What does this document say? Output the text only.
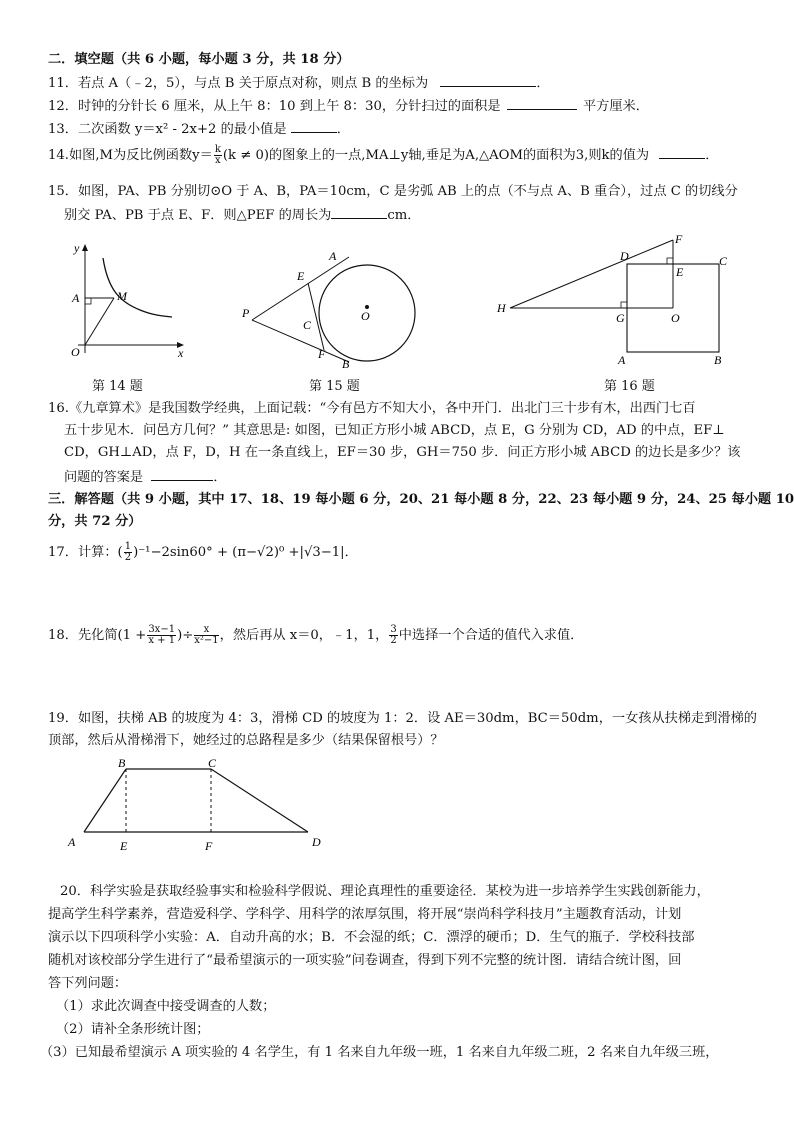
二．填空题（共 6 小题，每小题 3 分，共 18 分）
11．若点 A（﹣2，5），与点 B 关于原点对称，则点 B 的坐标为	．
12．时钟的分针长 6 厘米，从上午 8：10 到上午 8：30，分针扫过的面积是	平方厘米．
13．二次函数 y＝x² - 2x+2 的最小值是	．
14.如图,M为反比例函数$y= \frac{k}{x} (k \ne 0)$的图象上的一点,MA⊥y轴,垂足为A,△AOM的面积为3,则k的值为	．
15．如图，PA、PB 分别切⊙O 于 A、B，PA＝10cm，C 是劣弧 AB 上的点（不与点 A、B 重合），过点 C 的切线分
别交 PA、PB 于点 E、F．则△PEF 的周长为	cm．
y
x
A	M
O
第 14 题
A
E
P
C
O
F
B
第 15 题
F
D
E
C
H
G	O
A	B
第 16 题
16.《九章算术》是我国数学经典，上面记载：“今有邑方不知大小，各中开门．出北门三十步有木，出西门七百
五十步见木．问邑方几何？” 其意思是: 如图，已知正方形小城 ABCD，点 E，G 分别为 CD，AD 的中点，EF⊥
CD，GH⊥AD，点 F，D，H 在一条直线上，EF＝30 步，GH＝750 步．问正方形小城 ABCD 的边长是多少？该
问题的答案是	．
三．解答题（共 9 小题，其中 17、18、19 每小题 6 分，20、21 每小题 8 分，22、23 每小题 9 分，24、25 每小题 10
分，共 72 分）
17．计算：( $\frac{1}{2} )^{-1}-2\sin 60^\circ + (\pi-√2)^0 +|√3-1|$．
18．先化简($1 + \frac{3x-1}{x + 1}$ )÷ $\frac{x}{\text{x²−1}}$ ，然后再从 x＝0，﹣1，1， $\frac{3}{2}$ 中选择一个合适的值代入求值．
19．如图，扶梯 AB 的坡度为 4：3，滑梯 CD 的坡度为 1：2．设 AE＝30dm，BC＝50dm，一女孩从扶梯走到滑梯的
顶部，然后从滑梯滑下，她经过的总路程是多少（结果保留根号）？
B	C
A	E	F	D
20．科学实验是获取经验事实和检验科学假说、理论真理性的重要途径．某校为进一步培养学生实践创新能力，
提高学生科学素养，营造爱科学、学科学、用科学的浓厚氛围，将开展“崇尚科学科技月”主题教育活动，计划
演示以下四项科学小实验：A．自动升高的水；B．不会湿的纸；C．漂浮的硬币；D．生气的瓶子．学校科技部
随机对该校部分学生进行了“最希望演示的一项实验”问卷调查，得到下列不完整的统计图．请结合统计图，回
答下列问题：
（1）求此次调查中接受调查的人数；
（2）请补全条形统计图；
（3）已知最希望演示 A 项实验的 4 名学生，有 1 名来自九年级一班，1 名来自九年级二班，2 名来自九年级三班，
